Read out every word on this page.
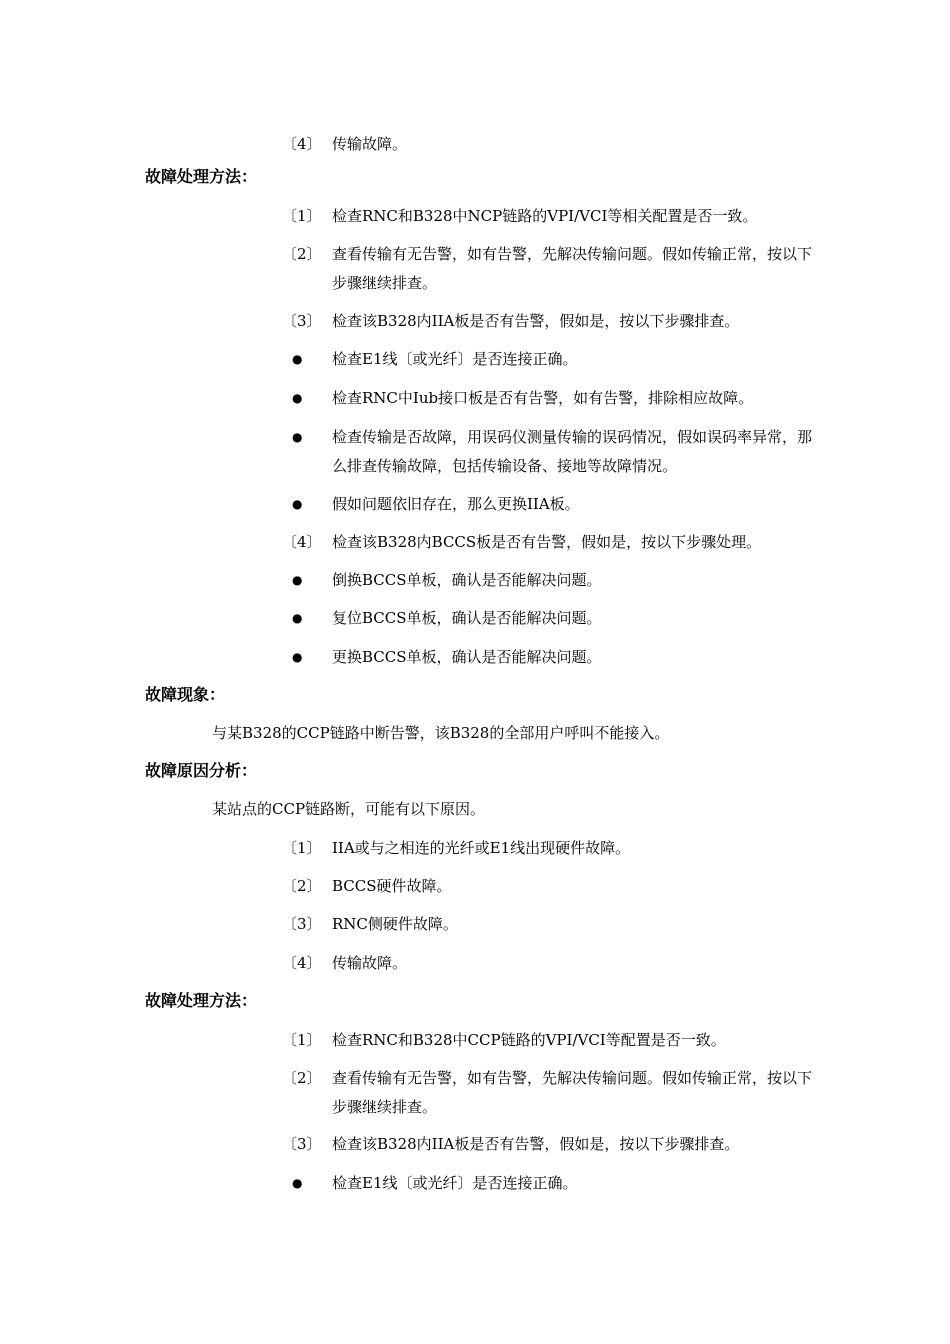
〔4〕 传输故障。
故障处理方法：
〔1〕 检查RNC和B328中NCP链路的VPI/VCI等相关配置是否一致。
〔2〕 查看传输有无告警，如有告警，先解决传输问题。假如传输正常，按以下步骤继续排查。
〔3〕 检查该B328内IIA板是否有告警，假如是，按以下步骤排查。
● 检查E1线〔或光纤〕是否连接正确。
● 检查RNC中Iub接口板是否有告警，如有告警，排除相应故障。
● 检查传输是否故障，用误码仪测量传输的误码情况，假如误码率异常，那么排查传输故障，包括传输设备、接地等故障情况。
● 假如问题依旧存在，那么更换IIA板。
〔4〕 检查该B328内BCCS板是否有告警，假如是，按以下步骤处理。
● 倒换BCCS单板，确认是否能解决问题。
● 复位BCCS单板，确认是否能解决问题。
● 更换BCCS单板，确认是否能解决问题。
故障现象：
与某B328的CCP链路中断告警，该B328的全部用户呼叫不能接入。
故障原因分析：
某站点的CCP链路断，可能有以下原因。
〔1〕 IIA或与之相连的光纤或E1线出现硬件故障。
〔2〕 BCCS硬件故障。
〔3〕 RNC侧硬件故障。
〔4〕 传输故障。
故障处理方法：
〔1〕 检查RNC和B328中CCP链路的VPI/VCI等配置是否一致。
〔2〕 查看传输有无告警，如有告警，先解决传输问题。假如传输正常，按以下步骤继续排查。
〔3〕 检查该B328内IIA板是否有告警，假如是，按以下步骤排查。
● 检查E1线〔或光纤〕是否连接正确。
